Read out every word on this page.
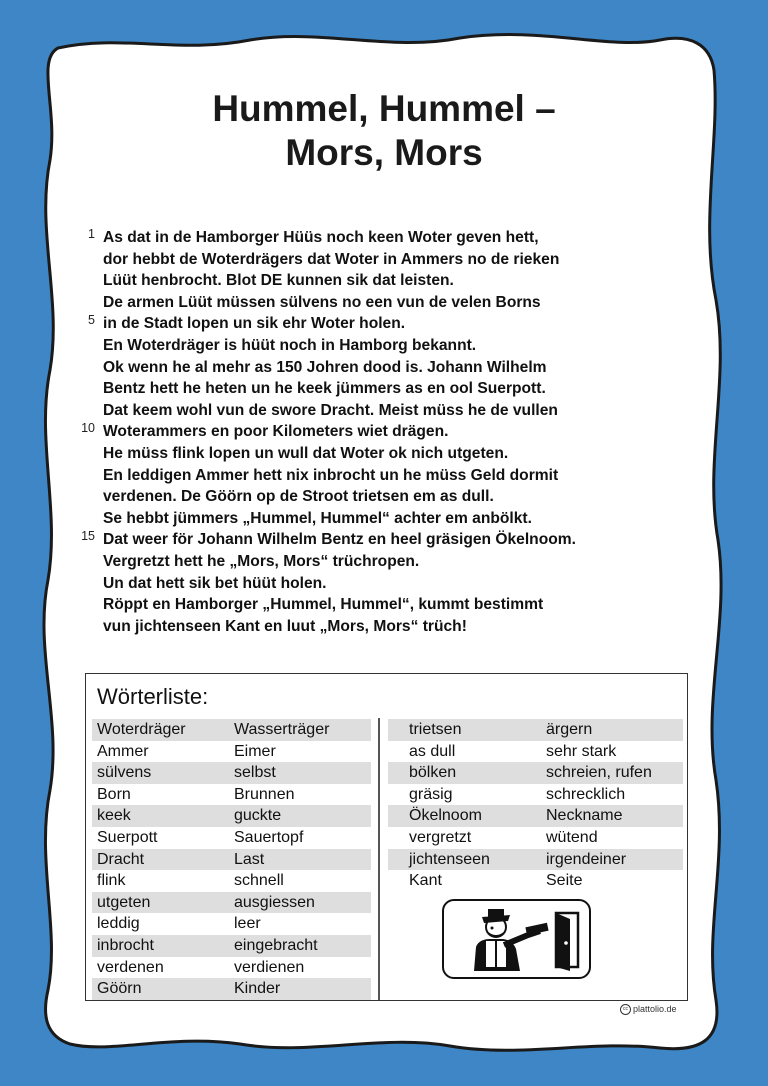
Hummel, Hummel –
Mors, Mors
1 As dat in de Hamborger Hüüs noch keen Woter geven hett,
dor hebbt de Woterdrägers dat Woter in Ammers no de rieken
Lüüt henbrocht. Blot DE kunnen sik dat leisten.
De armen Lüüt müssen sülvens no een vun de velen Borns
5 in de Stadt lopen un sik ehr Woter holen.
En Woterdräger is hüüt noch in Hamborg bekannt.
Ok wenn he al mehr as 150 Johren dood is. Johann Wilhelm
Bentz hett he heten un he keek jümmers as en ool Suerpott.
Dat keem wohl vun de swore Dracht. Meist müss he de vullen
10 Woterammers en poor Kilometers wiet drägen.
He müss flink lopen un wull dat Woter ok nich utgeten.
En leddigen Ammer hett nix inbrocht un he müss Geld dormit
verdenen. De Göörn op de Stroot trietsen em as dull.
Se hebbt jümmers „Hummel, Hummel“ achter em anbölkt.
15 Dat weer för Johann Wilhelm Bentz en heel gräsigen Ökelnoom.
Vergretzt hett he „Mors, Mors“ trüchropen.
Un dat hett sik bet hüüt holen.
Röppt en Hamborger „Hummel, Hummel“, kummt bestimmt
vun jichtenseen Kant en luut „Mors, Mors“ trüch!
Wörterliste:
Woterdräger	Wasserträger
Ammer	Eimer
sülvens	selbst
Born	Brunnen
keek	guckte
Suerpott	Sauertopf
Dracht	Last
flink	schnell
utgeten	ausgiessen
leddig	leer
inbrocht	eingebracht
verdenen	verdienen
Göörn	Kinder
trietsen	ärgern
as dull	sehr stark
bölken	schreien, rufen
gräsig	schrecklich
Ökelnoom	Neckname
vergretzt	wütend
jichtenseen	irgendeiner
Kant	Seite
cc plattolio.de
